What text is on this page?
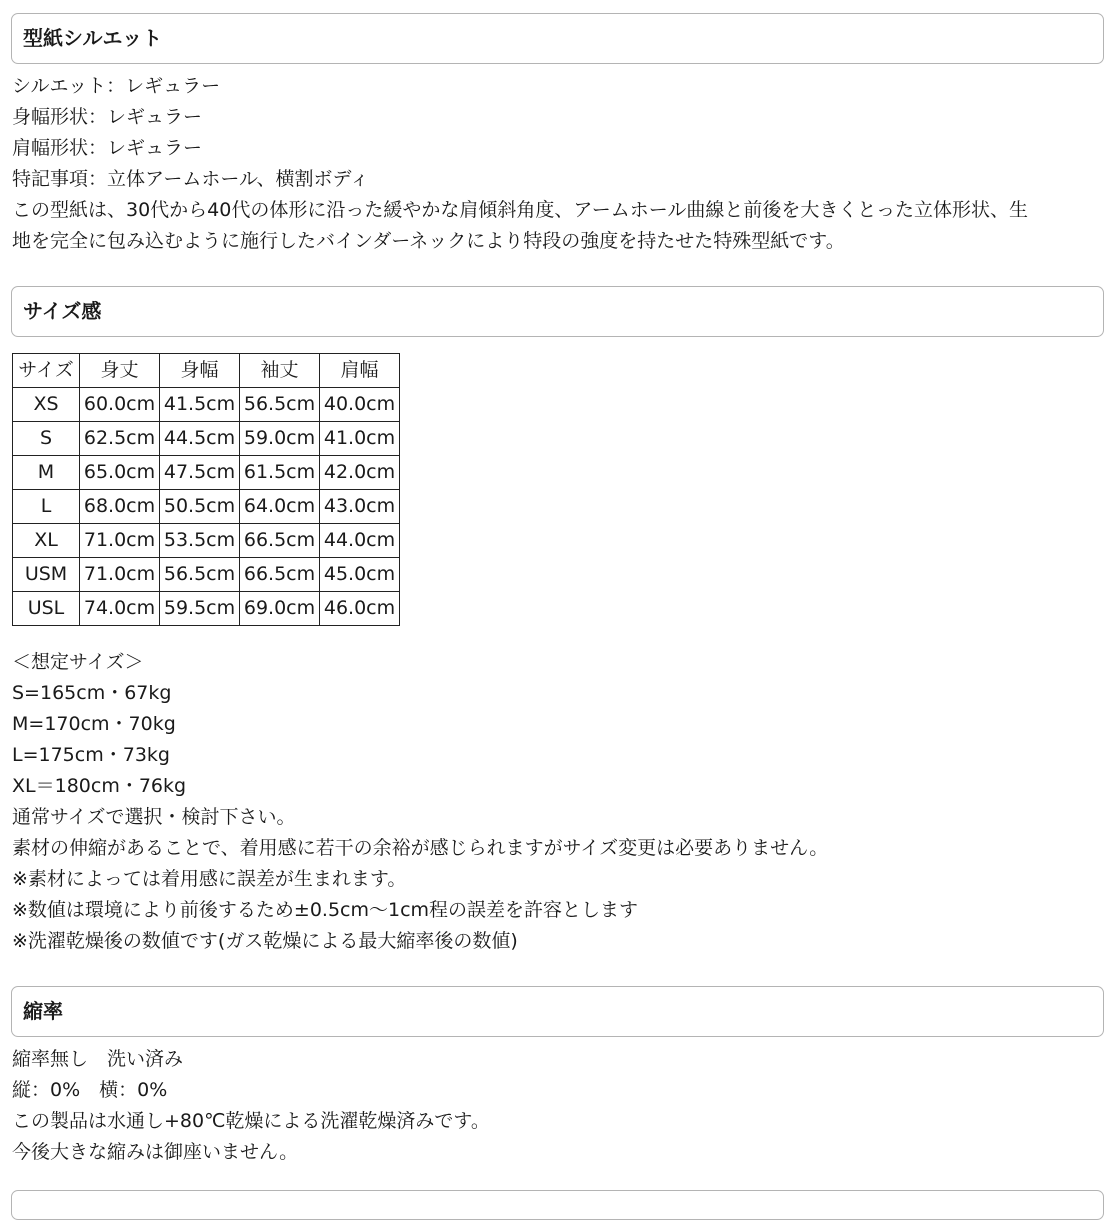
型紙シルエット
シルエット：レギュラー
身幅形状：レギュラー
肩幅形状：レギュラー
特記事項：立体アームホール、横割ボディ
この型紙は、30代から40代の体形に沿った緩やかな肩傾斜角度、アームホール曲線と前後を大きくとった立体形状、生
地を完全に包み込むように施行したバインダーネックにより特段の強度を持たせた特殊型紙です。
サイズ感
サイズ	身丈	身幅	袖丈	肩幅
XS	60.0cm	41.5cm	56.5cm	40.0cm
S	62.5cm	44.5cm	59.0cm	41.0cm
M	65.0cm	47.5cm	61.5cm	42.0cm
L	68.0cm	50.5cm	64.0cm	43.0cm
XL	71.0cm	53.5cm	66.5cm	44.0cm
USM	71.0cm	56.5cm	66.5cm	45.0cm
USL	74.0cm	59.5cm	69.0cm	46.0cm
＜想定サイズ＞
S=165cm・67kg
M=170cm・70kg
L=175cm・73kg
XL＝180cm・76kg
通常サイズで選択・検討下さい。
素材の伸縮があることで、着用感に若干の余裕が感じられますがサイズ変更は必要ありません。
※素材によっては着用感に誤差が生まれます。
※数値は環境により前後するため±0.5cm〜1cm程の誤差を許容とします
※洗濯乾燥後の数値です(ガス乾燥による最大縮率後の数値)
縮率
縮率無し　洗い済み
縦：0%　横：0%
この製品は水通し+80℃乾燥による洗濯乾燥済みです。
今後大きな縮みは御座いません。
